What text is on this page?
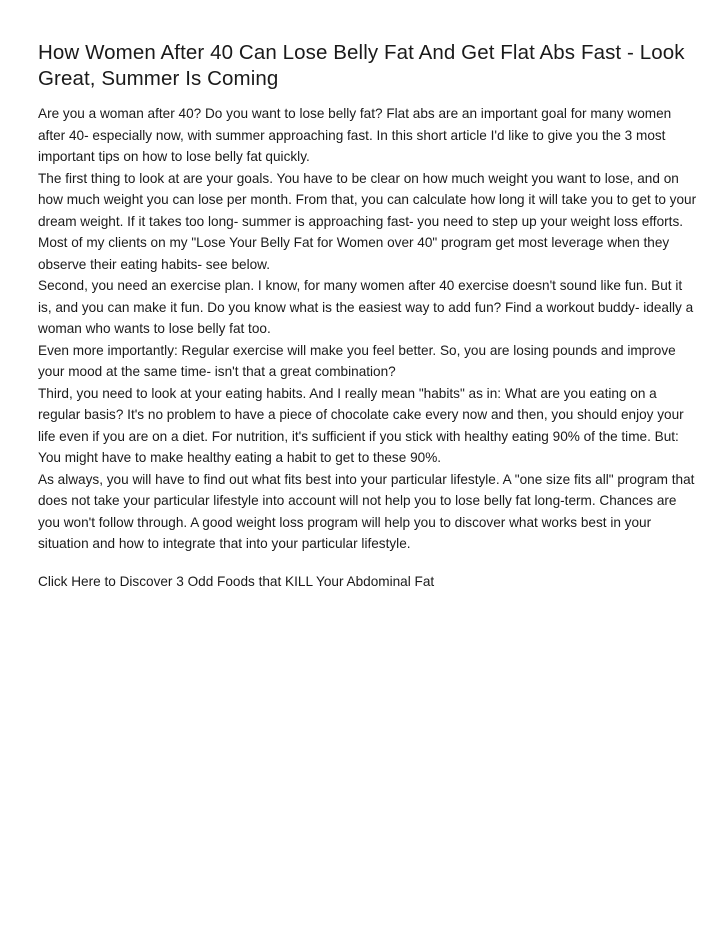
How Women After 40 Can Lose Belly Fat And Get Flat Abs Fast - Look Great, Summer Is Coming

Are you a woman after 40? Do you want to lose belly fat? Flat abs are an important goal for many women after 40- especially now, with summer approaching fast. In this short article I'd like to give you the 3 most important tips on how to lose belly fat quickly.

The first thing to look at are your goals. You have to be clear on how much weight you want to lose, and on how much weight you can lose per month. From that, you can calculate how long it will take you to get to your dream weight. If it takes too long- summer is approaching fast- you need to step up your weight loss efforts. Most of my clients on my "Lose Your Belly Fat for Women over 40" program get most leverage when they observe their eating habits- see below.

Second, you need an exercise plan. I know, for many women after 40 exercise doesn't sound like fun. But it is, and you can make it fun. Do you know what is the easiest way to add fun? Find a workout buddy- ideally a woman who wants to lose belly fat too.

Even more importantly: Regular exercise will make you feel better. So, you are losing pounds and improve your mood at the same time- isn't that a great combination?

Third, you need to look at your eating habits. And I really mean "habits" as in: What are you eating on a regular basis? It's no problem to have a piece of chocolate cake every now and then, you should enjoy your life even if you are on a diet. For nutrition, it's sufficient if you stick with healthy eating 90% of the time. But: You might have to make healthy eating a habit to get to these 90%.

As always, you will have to find out what fits best into your particular lifestyle. A "one size fits all" program that does not take your particular lifestyle into account will not help you to lose belly fat long-term. Chances are you won't follow through. A good weight loss program will help you to discover what works best in your situation and how to integrate that into your particular lifestyle.

Click Here to Discover 3 Odd Foods that KILL Your Abdominal Fat
